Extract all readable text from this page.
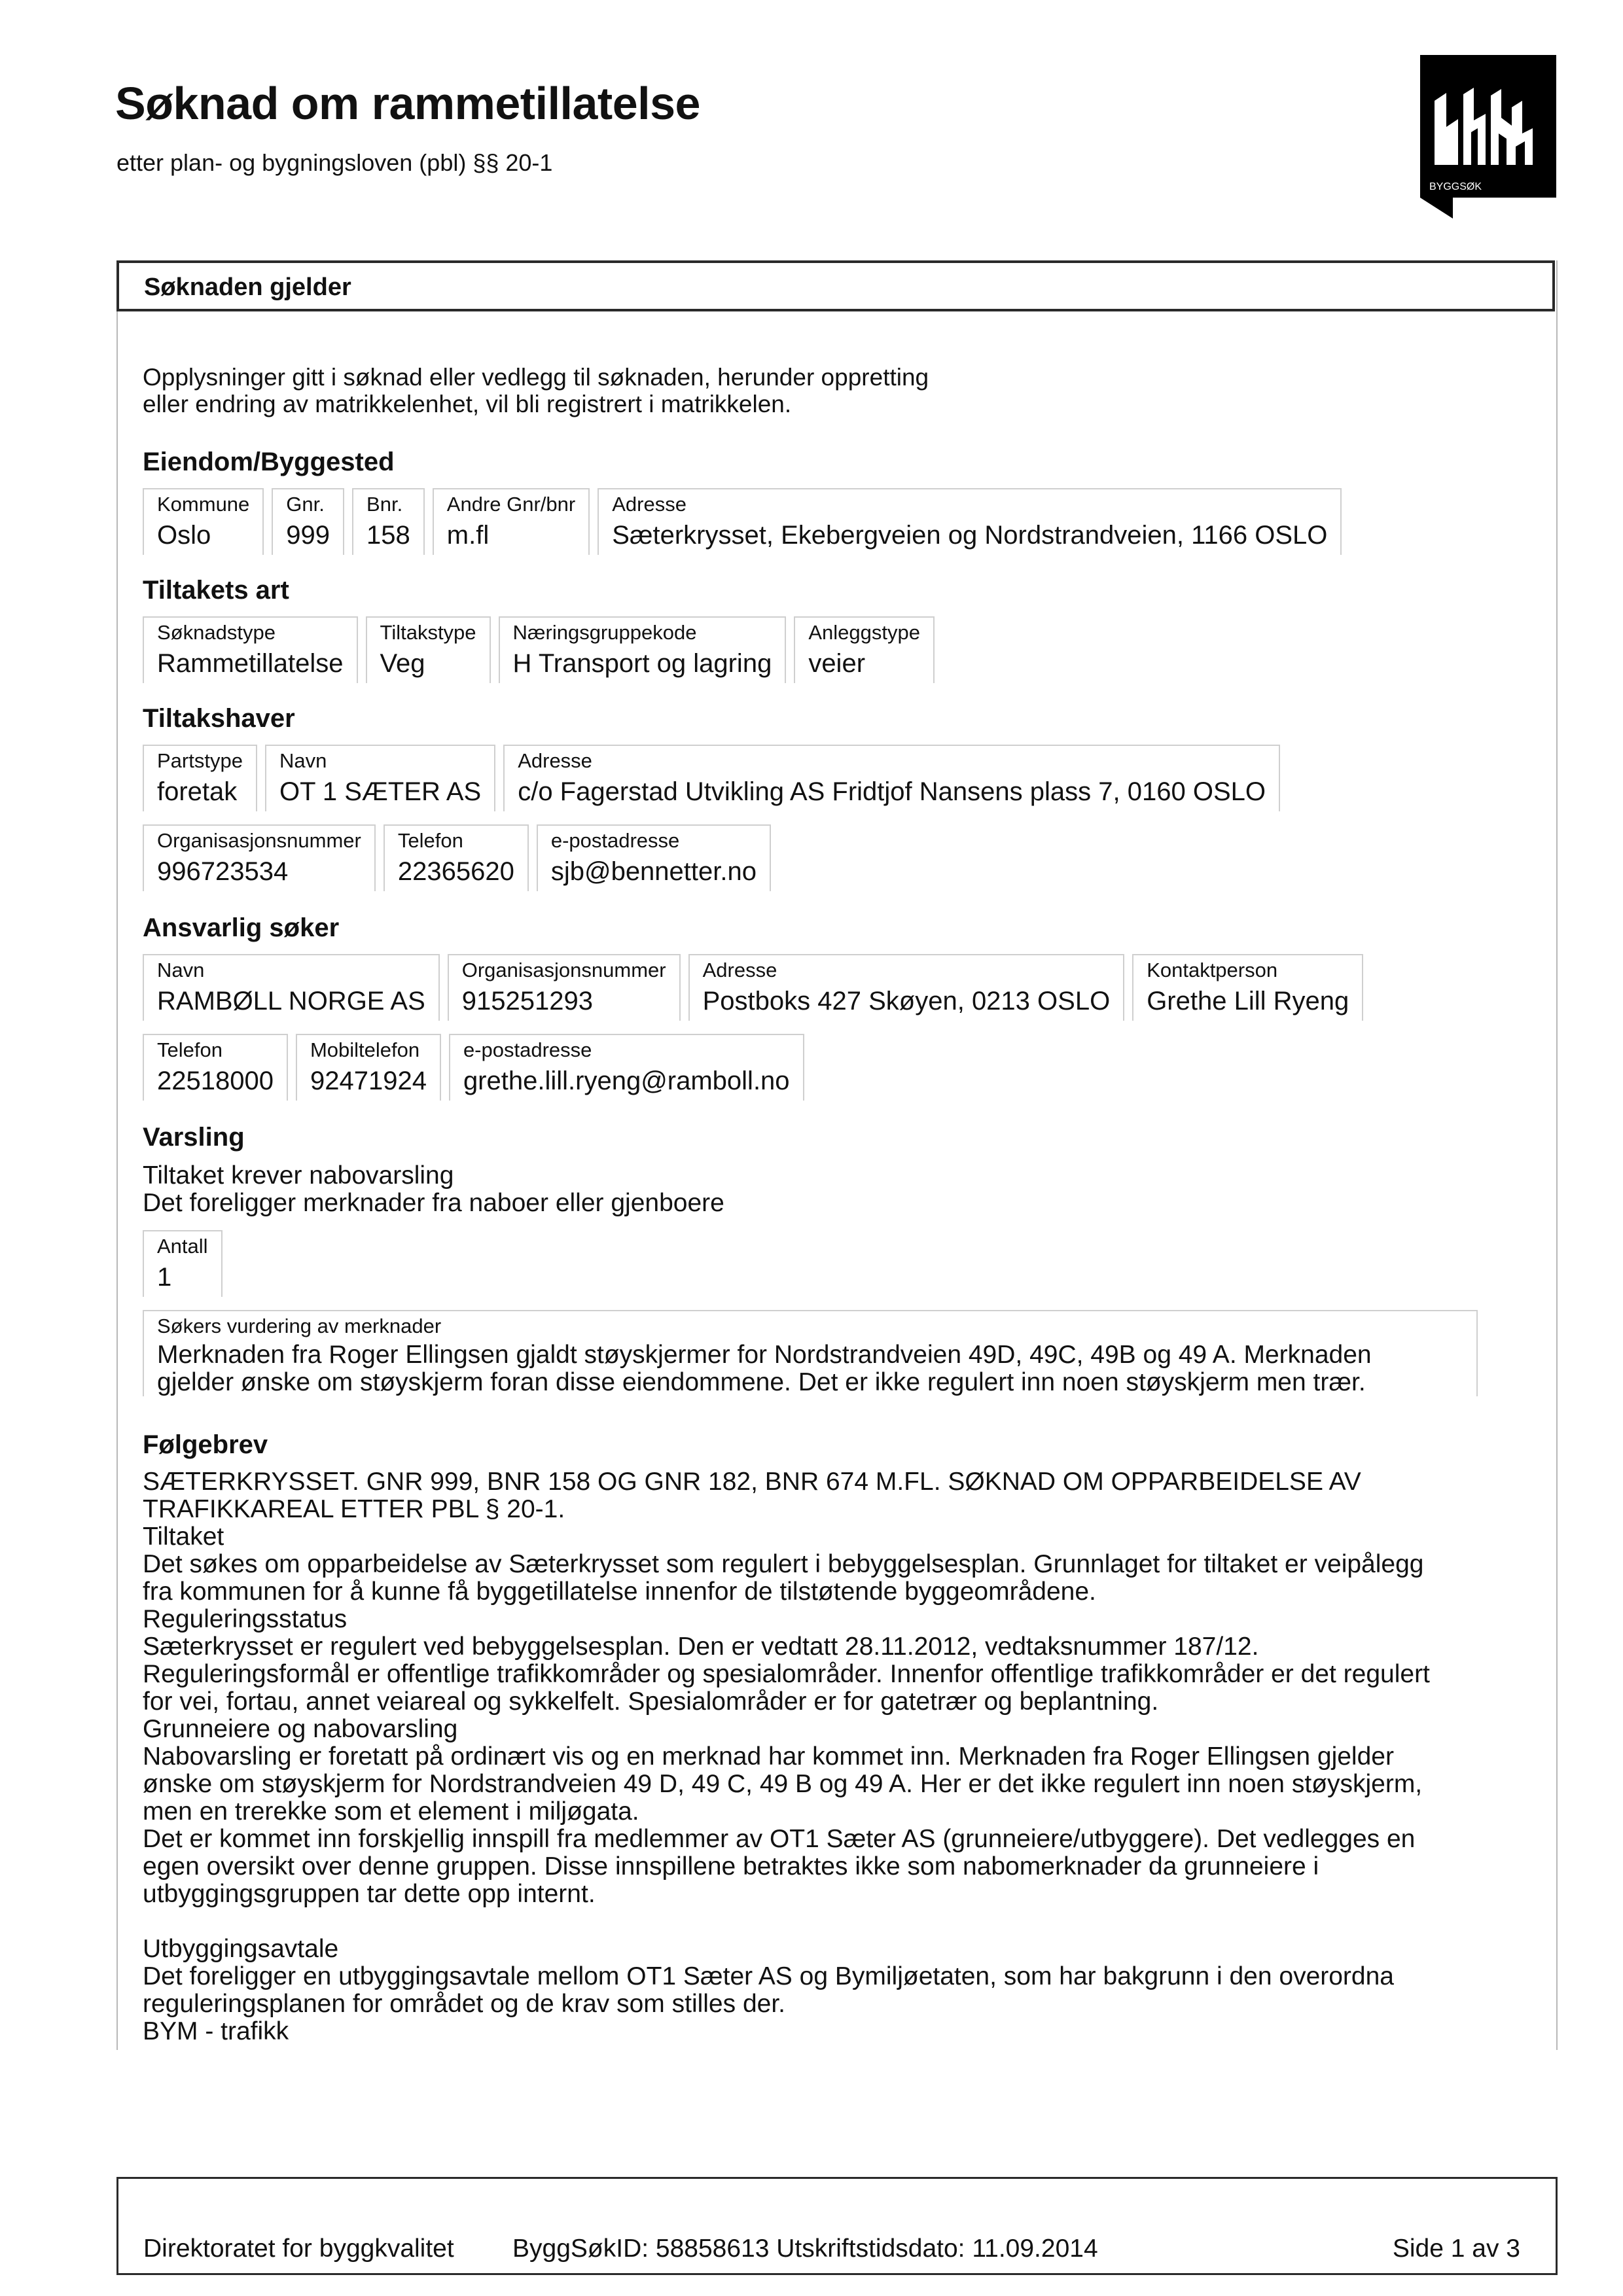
Søknad om rammetillatelse
etter plan- og bygningsloven (pbl) §§ 20-1
BYGGSØK
Søknaden gjelder
Opplysninger gitt i søknad eller vedlegg til søknaden, herunder oppretting
eller endring av matrikkelenhet, vil bli registrert i matrikkelen.
Eiendom/Byggested
Kommune
Oslo
Gnr.
999
Bnr.
158
Andre Gnr/bnr
m.fl
Adresse
Sæterkrysset, Ekebergveien og Nordstrandveien, 1166 OSLO
Tiltakets art
Søknadstype
Rammetillatelse
Tiltakstype
Veg
Næringsgruppekode
H Transport og lagring
Anleggstype
veier
Tiltakshaver
Partstype
foretak
Navn
OT 1 SÆTER AS
Adresse
c/o Fagerstad Utvikling AS Fridtjof Nansens plass 7, 0160 OSLO
Organisasjonsnummer
996723534
Telefon
22365620
e-postadresse
sjb@bennetter.no
Ansvarlig søker
Navn
RAMBØLL NORGE AS
Organisasjonsnummer
915251293
Adresse
Postboks 427 Skøyen, 0213 OSLO
Kontaktperson
Grethe Lill Ryeng
Telefon
22518000
Mobiltelefon
92471924
e-postadresse
grethe.lill.ryeng@ramboll.no
Varsling
Tiltaket krever nabovarsling
Det foreligger merknader fra naboer eller gjenboere
Antall
1
Søkers vurdering av merknader
Merknaden fra Roger Ellingsen gjaldt støyskjermer for Nordstrandveien 49D, 49C, 49B og 49 A. Merknaden
gjelder ønske om støyskjerm foran disse eiendommene. Det er ikke regulert inn noen støyskjerm men trær.
Følgebrev
SÆTERKRYSSET. GNR 999, BNR 158 OG GNR 182, BNR 674 M.FL. SØKNAD OM OPPARBEIDELSE AV
TRAFIKKAREAL ETTER PBL § 20-1.
Tiltaket
Det søkes om opparbeidelse av Sæterkrysset som regulert i bebyggelsesplan. Grunnlaget for tiltaket er veipålegg
fra kommunen for å kunne få byggetillatelse innenfor de tilstøtende byggeområdene.
Reguleringsstatus
Sæterkrysset er regulert ved bebyggelsesplan. Den er vedtatt 28.11.2012, vedtaksnummer 187/12.
Reguleringsformål er offentlige trafikkområder og spesialområder. Innenfor offentlige trafikkområder er det regulert
for vei, fortau, annet veiareal og sykkelfelt. Spesialområder er for gatetrær og beplantning.
Grunneiere og nabovarsling
Nabovarsling er foretatt på ordinært vis og en merknad har kommet inn. Merknaden fra Roger Ellingsen gjelder
ønske om støyskjerm for Nordstrandveien 49 D, 49 C, 49 B og 49 A. Her er det ikke regulert inn noen støyskjerm,
men en trerekke som et element i miljøgata.
Det er kommet inn forskjellig innspill fra medlemmer av OT1 Sæter AS (grunneiere/utbyggere). Det vedlegges en
egen oversikt over denne gruppen. Disse innspillene betraktes ikke som nabomerknader da grunneiere i
utbyggingsgruppen tar dette opp internt.
Utbyggingsavtale
Det foreligger en utbyggingsavtale mellom OT1 Sæter AS og Bymiljøetaten, som har bakgrunn i den overordna
reguleringsplanen for området og de krav som stilles der.
BYM - trafikk
Direktoratet for byggkvalitet ByggSøkID: 58858613 Utskriftstidsdato: 11.09.2014	Side 1 av 3
